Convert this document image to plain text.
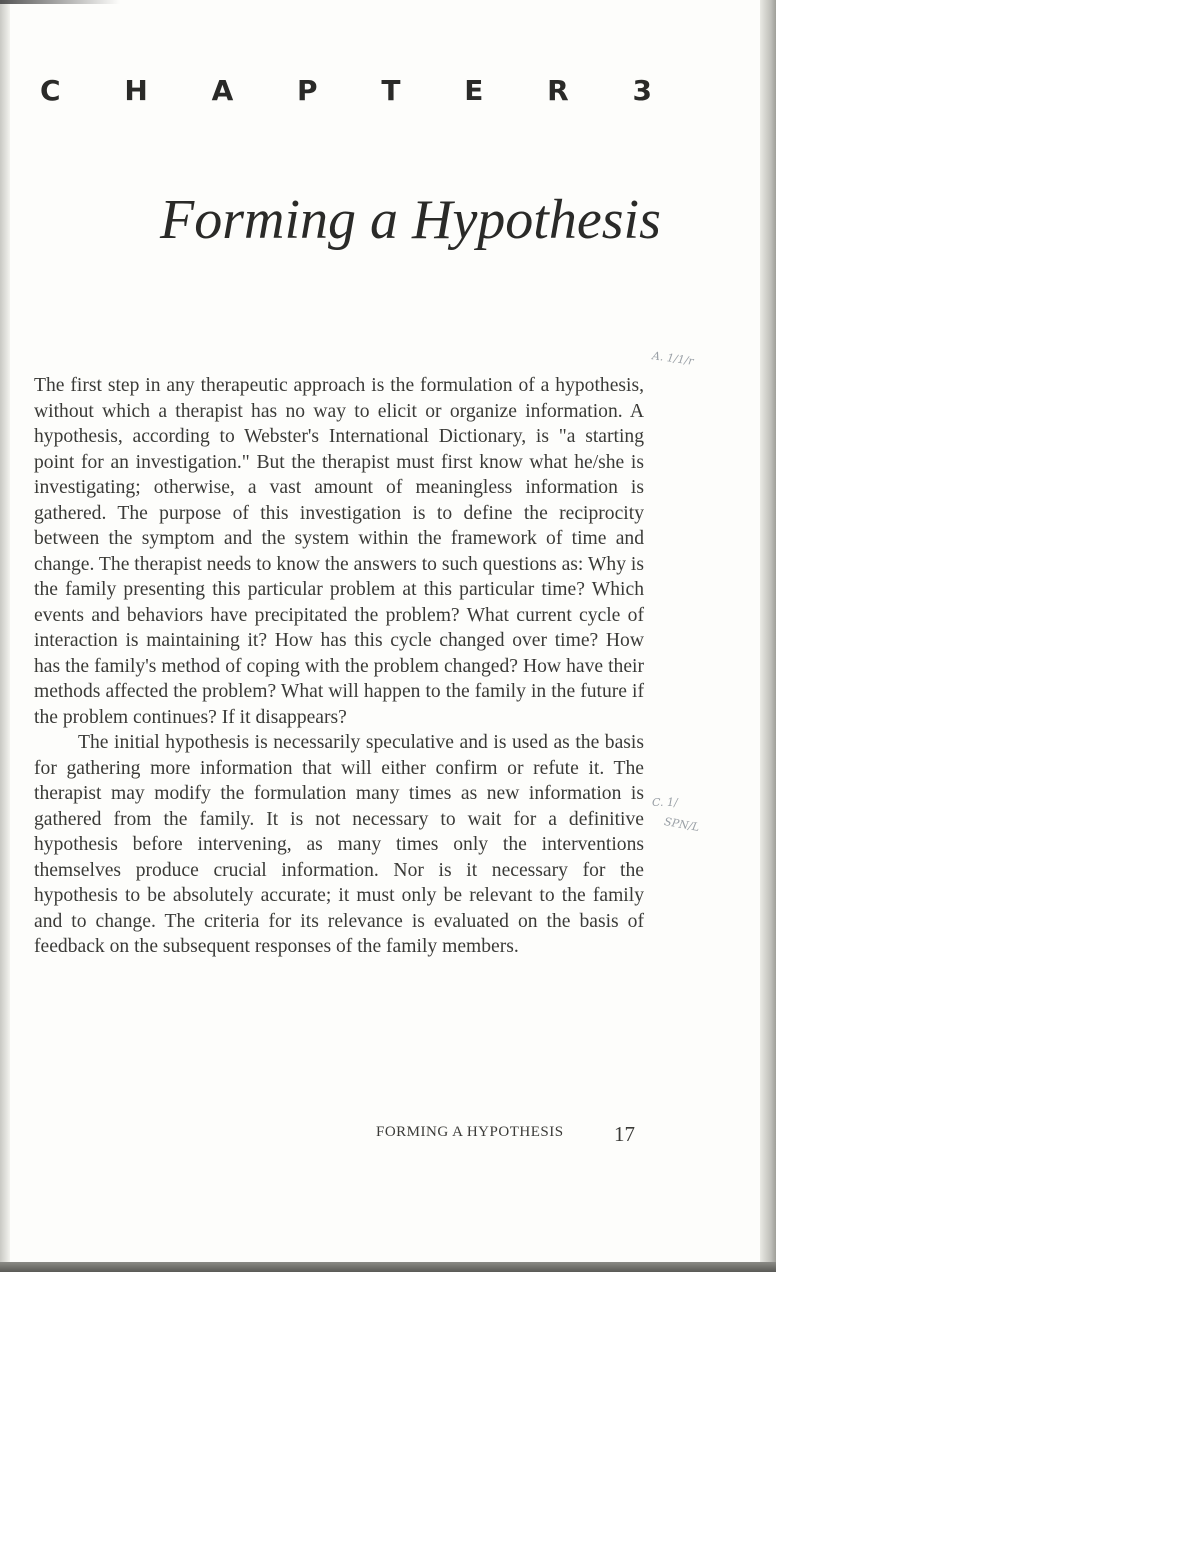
C H A P T E R 3
Forming a Hypothesis

The first step in any therapeutic approach is the formulation of a hypothesis, without which a therapist has no way to elicit or organize information. A hypothesis, according to Webster's International Dictionary, is "a starting point for an investigation." But the therapist must first know what he/she is investigating; otherwise, a vast amount of meaningless information is gathered. The purpose of this investigation is to define the reciprocity between the symptom and the system within the framework of time and change. The therapist needs to know the answers to such questions as: Why is the family presenting this particular problem at this particular time? Which events and behaviors have precipitated the problem? What current cycle of interaction is maintaining it? How has this cycle changed over time? How has the family's method of coping with the problem changed? How have their methods affected the problem? What will happen to the family in the future if the problem continues? If it disappears?

The initial hypothesis is necessarily speculative and is used as the basis for gathering more information that will either confirm or refute it. The therapist may modify the formulation many times as new information is gathered from the family. It is not necessary to wait for a definitive hypothesis before intervening, as many times only the interventions themselves produce crucial information. Nor is it necessary for the hypothesis to be absolutely accurate; it must only be relevant to the family and to change. The criteria for its relevance is evaluated on the basis of feedback on the subsequent responses of the family members.

A. 1/1/r
C. 1/
SPN/L
FORMING A HYPOTHESIS 17
